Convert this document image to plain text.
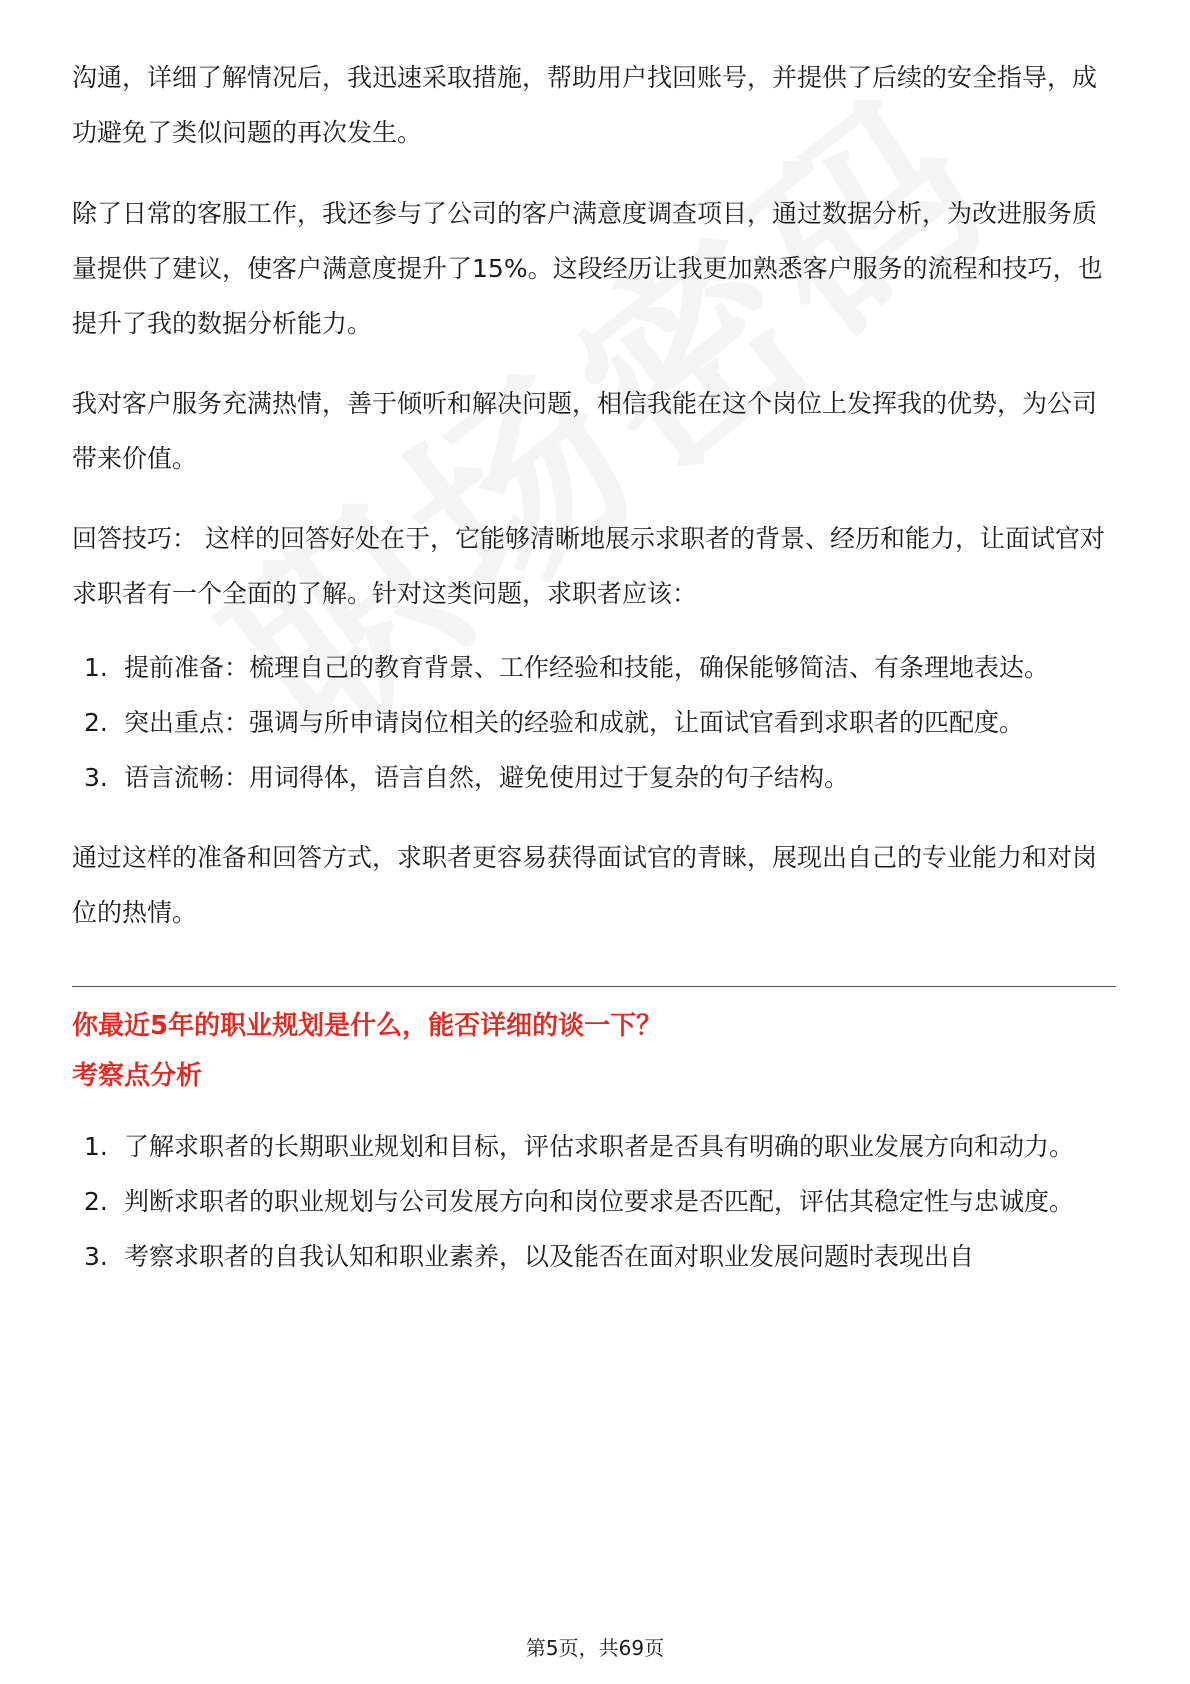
沟通，详细了解情况后，我迅速采取措施，帮助用户找回账号，并提供了后续的安全指导，成功避免了类似问题的再次发生。

除了日常的客服工作，我还参与了公司的客户满意度调查项目，通过数据分析，为改进服务质量提供了建议，使客户满意度提升了15%。这段经历让我更加熟悉客户服务的流程和技巧，也提升了我的数据分析能力。

我对客户服务充满热情，善于倾听和解决问题，相信我能在这个岗位上发挥我的优势，为公司带来价值。

回答技巧： 这样的回答好处在于，它能够清晰地展示求职者的背景、经历和能力，让面试官对求职者有一个全面的了解。针对这类问题，求职者应该：

1. 提前准备：梳理自己的教育背景、工作经验和技能，确保能够简洁、有条理地表达。
2. 突出重点：强调与所申请岗位相关的经验和成就，让面试官看到求职者的匹配度。
3. 语言流畅：用词得体，语言自然，避免使用过于复杂的句子结构。

通过这样的准备和回答方式，求职者更容易获得面试官的青睐，展现出自己的专业能力和对岗位的热情。

你最近5年的职业规划是什么，能否详细的谈一下？

考察点分析

1. 了解求职者的长期职业规划和目标，评估求职者是否具有明确的职业发展方向和动力。
2. 判断求职者的职业规划与公司发展方向和岗位要求是否匹配，评估其稳定性与忠诚度。
3. 考察求职者的自我认知和职业素养，以及能否在面对职业发展问题时表现出自
第5页，共69页
